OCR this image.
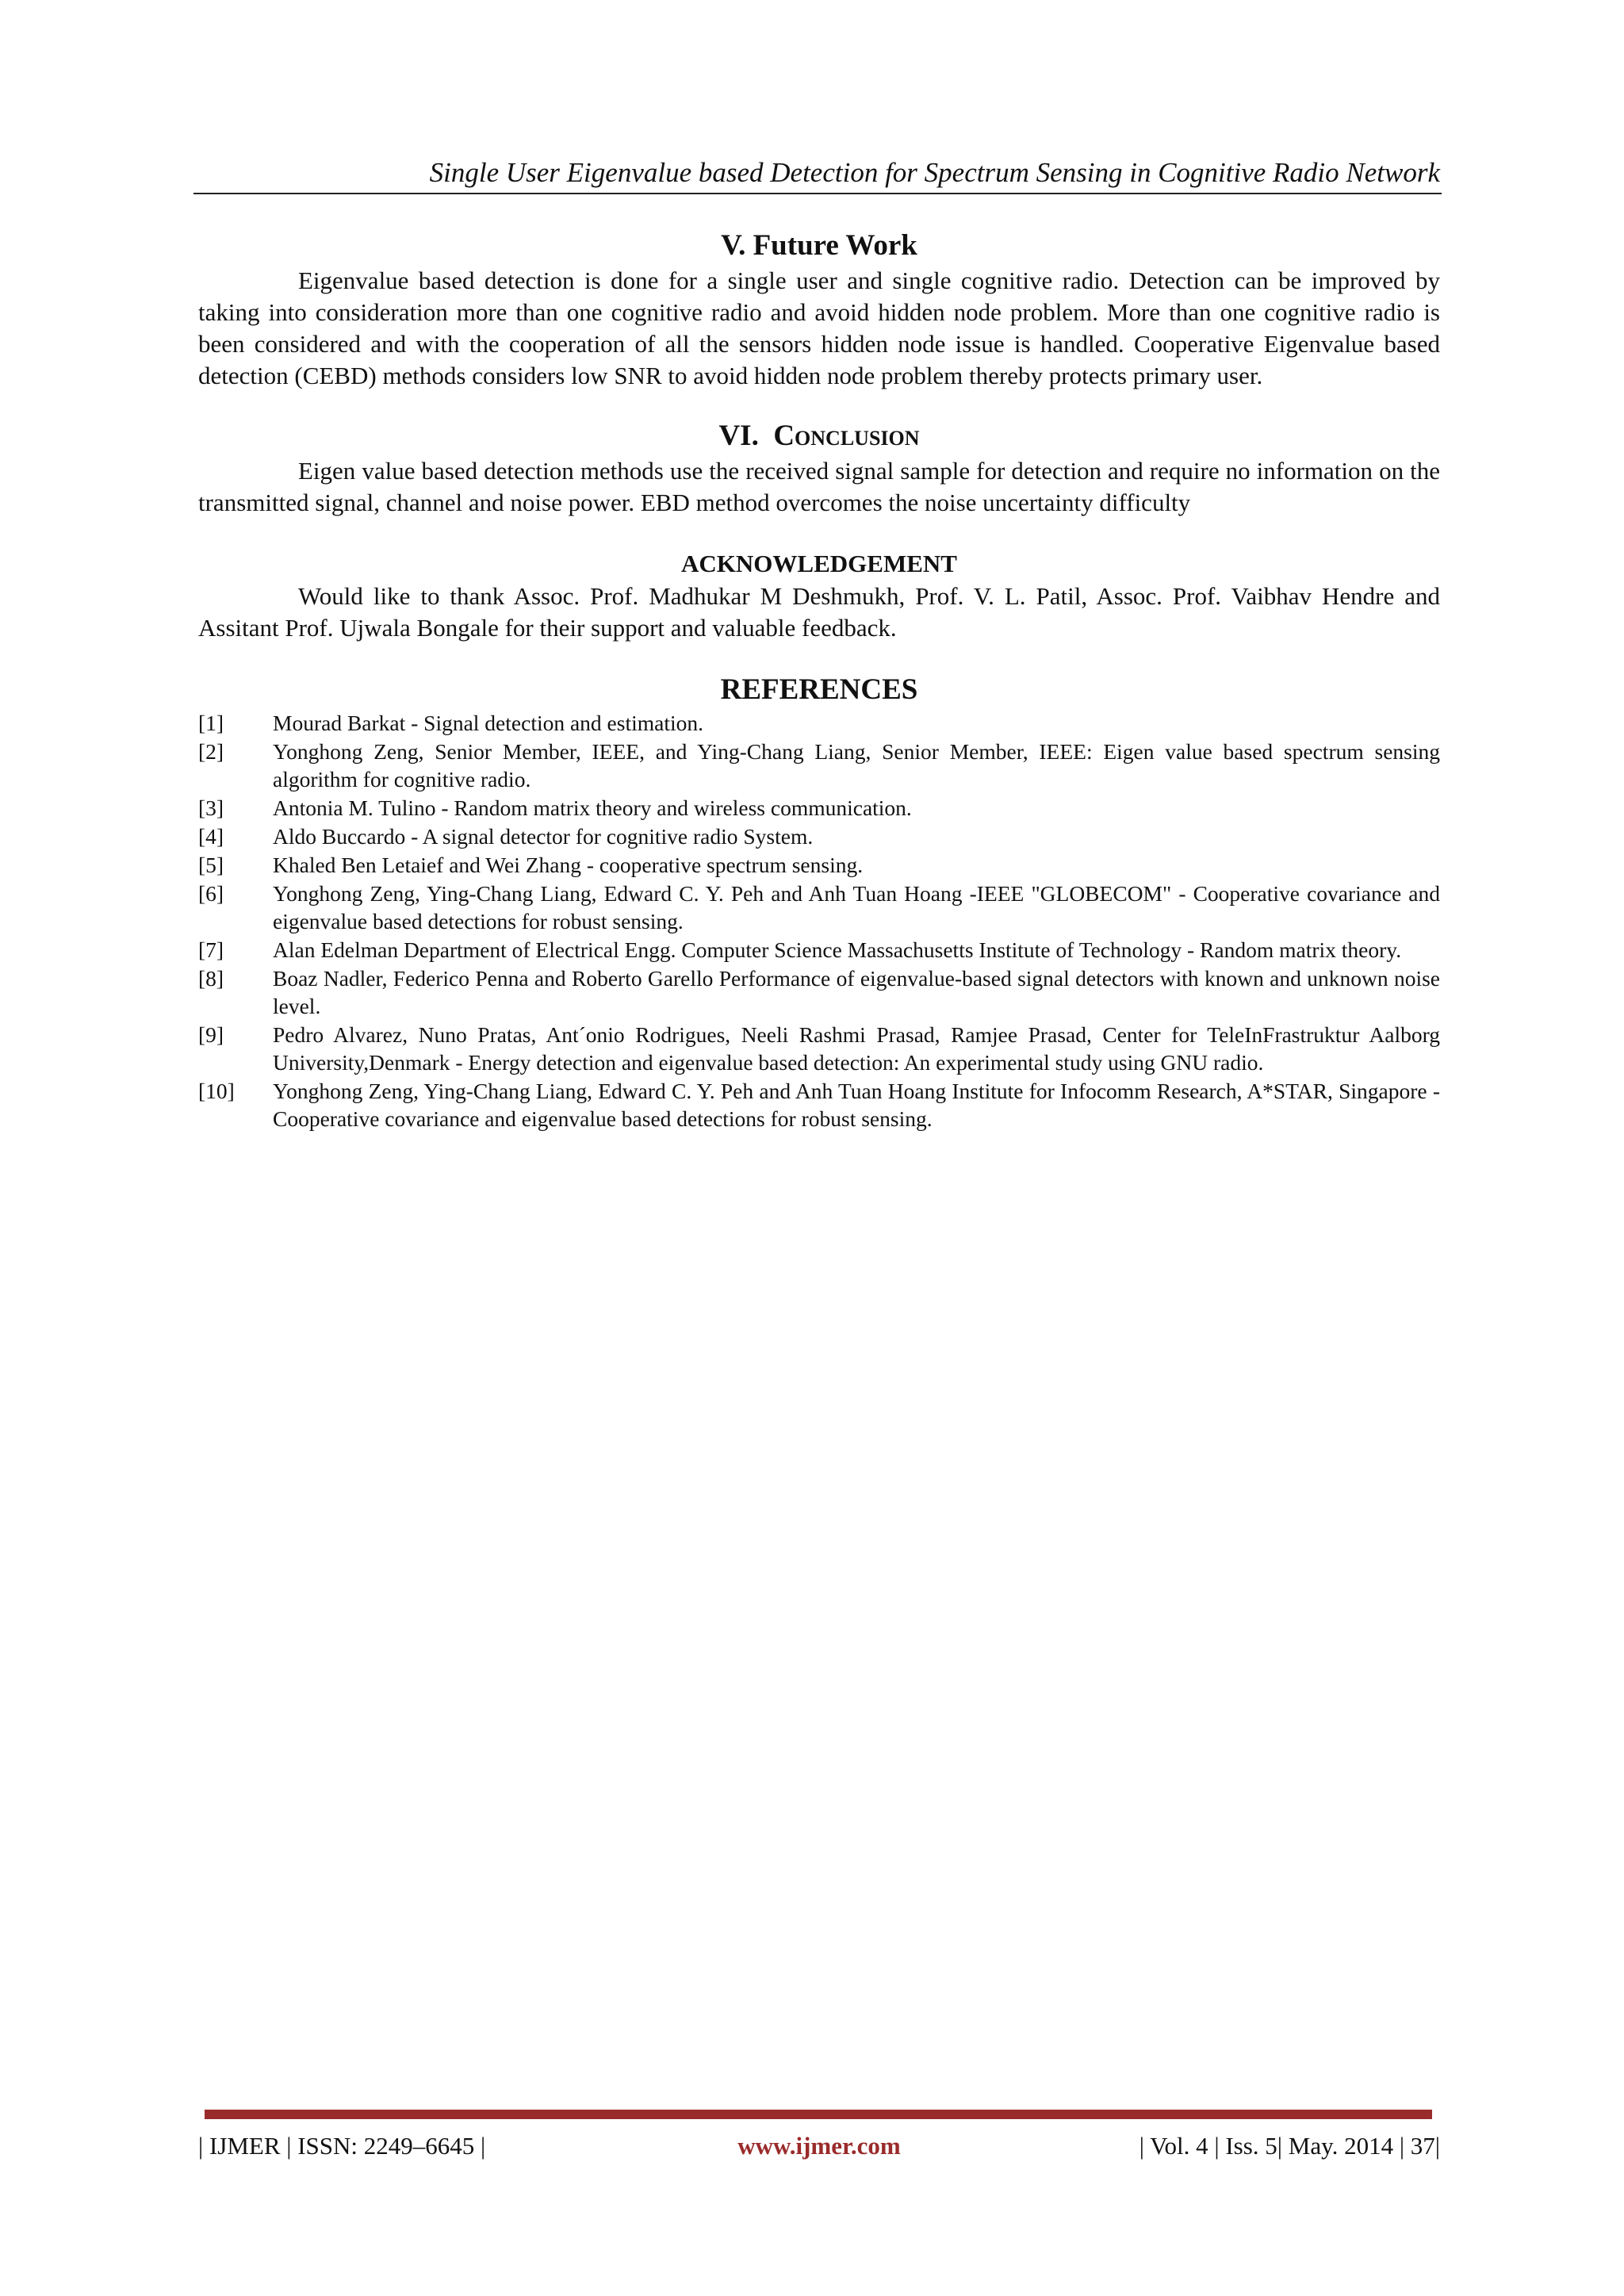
Single User Eigenvalue based Detection for Spectrum Sensing in Cognitive Radio Network
V. Future Work

Eigenvalue based detection is done for a single user and single cognitive radio. Detection can be improved by taking into consideration more than one cognitive radio and avoid hidden node problem. More than one cognitive radio is been considered and with the cooperation of all the sensors hidden node issue is handled. Cooperative Eigenvalue based detection (CEBD) methods considers low SNR to avoid hidden node problem thereby protects primary user.

VI. Conclusion

Eigen value based detection methods use the received signal sample for detection and require no information on the transmitted signal, channel and noise power. EBD method overcomes the noise uncertainty difficulty

ACKNOWLEDGEMENT

Would like to thank Assoc. Prof. Madhukar M Deshmukh, Prof. V. L. Patil, Assoc. Prof. Vaibhav Hendre and Assitant Prof. Ujwala Bongale for their support and valuable feedback.

REFERENCES
[1]	Mourad Barkat - Signal detection and estimation.
[2]	Yonghong Zeng, Senior Member, IEEE, and Ying-Chang Liang, Senior Member, IEEE: Eigen value based spectrum sensing algorithm for cognitive radio.
[3]	Antonia M. Tulino - Random matrix theory and wireless communication.
[4]	Aldo Buccardo - A signal detector for cognitive radio System.
[5]	Khaled Ben Letaief and Wei Zhang - cooperative spectrum sensing.
[6]	Yonghong Zeng, Ying-Chang Liang, Edward C. Y. Peh and Anh Tuan Hoang -IEEE "GLOBECOM" - Cooperative covariance and eigenvalue based detections for robust sensing.
[7]	Alan Edelman Department of Electrical Engg. Computer Science Massachusetts Institute of Technology - Random matrix theory.
[8]	Boaz Nadler, Federico Penna and Roberto Garello Performance of eigenvalue-based signal detectors with known and unknown noise level.
[9]	Pedro Alvarez, Nuno Pratas, Ant´onio Rodrigues, Neeli Rashmi Prasad, Ramjee Prasad, Center for TeleInFrastruktur Aalborg University,Denmark - Energy detection and eigenvalue based detection: An experimental study using GNU radio.
[10]	Yonghong Zeng, Ying-Chang Liang, Edward C. Y. Peh and Anh Tuan Hoang Institute for Infocomm Research, A*STAR, Singapore - Cooperative covariance and eigenvalue based detections for robust sensing.
| IJMER | ISSN: 2249–6645 |	www.ijmer.com	| Vol. 4 | Iss. 5| May. 2014 | 37|
